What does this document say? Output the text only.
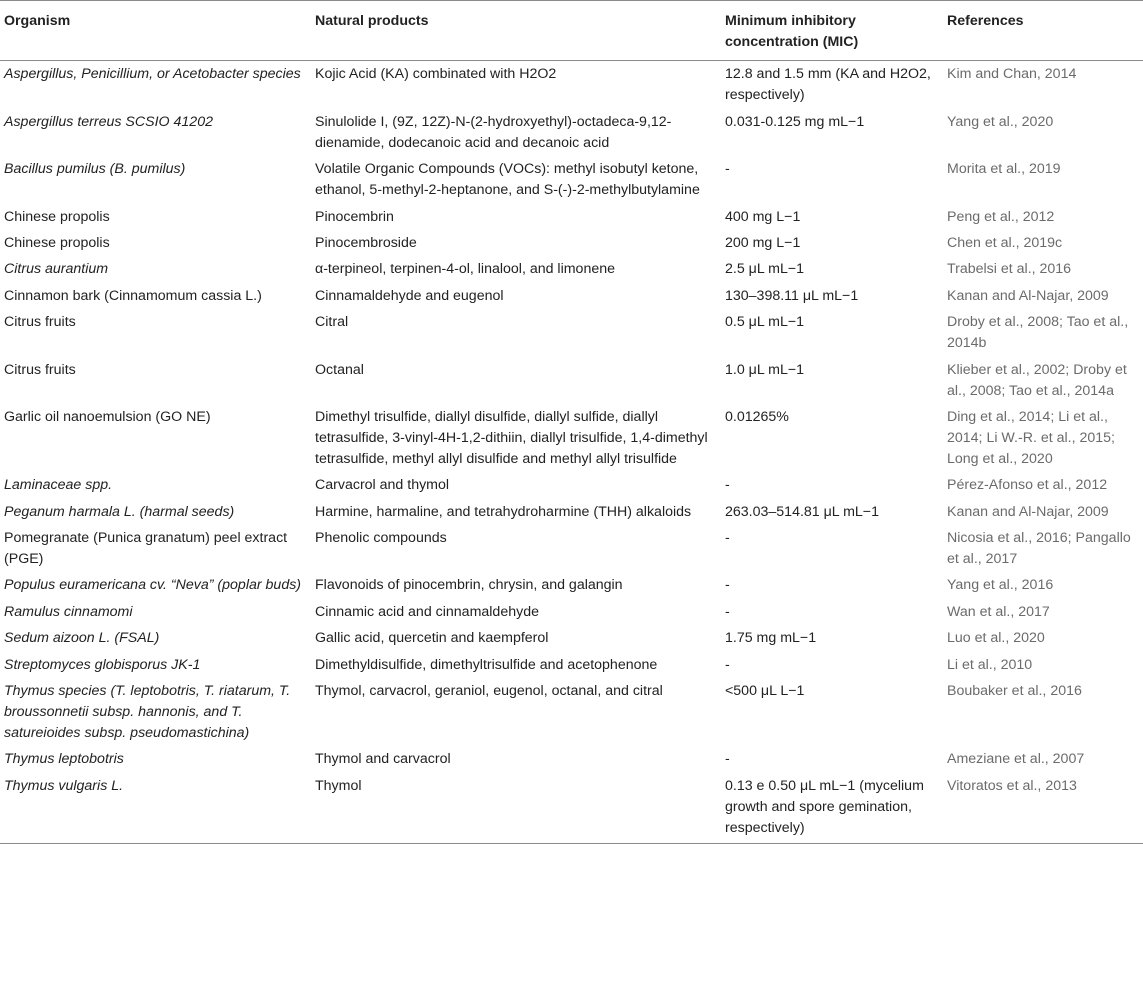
Organism	Natural products	Minimum inhibitory concentration (MIC)	References
Aspergillus, Penicillium, or Acetobacter species	Kojic Acid (KA) combinated with H2O2	12.8 and 1.5 mm (KA and H2O2, respectively)	Kim and Chan, 2014
Aspergillus terreus SCSIO 41202	Sinulolide I, (9Z, 12Z)-N-(2-hydroxyethyl)-octadeca-9,12-dienamide, dodecanoic acid and decanoic acid	0.031-0.125 mg mL−1	Yang et al., 2020
Bacillus pumilus (B. pumilus)	Volatile Organic Compounds (VOCs): methyl isobutyl ketone, ethanol, 5-methyl-2-heptanone, and S-(-)-2-methylbutylamine	-	Morita et al., 2019
Chinese propolis	Pinocembrin	400 mg L−1	Peng et al., 2012
Chinese propolis	Pinocembroside	200 mg L−1	Chen et al., 2019c
Citrus aurantium	α-terpineol, terpinen-4-ol, linalool, and limonene	2.5 μL mL−1	Trabelsi et al., 2016
Cinnamon bark (Cinnamomum cassia L.)	Cinnamaldehyde and eugenol	130–398.11 μL mL−1	Kanan and Al-Najar, 2009
Citrus fruits	Citral	0.5 μL mL−1	Droby et al., 2008; Tao et al., 2014b
Citrus fruits	Octanal	1.0 μL mL−1	Klieber et al., 2002; Droby et al., 2008; Tao et al., 2014a
Garlic oil nanoemulsion (GO NE)	Dimethyl trisulfide, diallyl disulfide, diallyl sulfide, diallyl tetrasulfide, 3-vinyl-4H-1,2-dithiin, diallyl trisulfide, 1,4-dimethyl tetrasulfide, methyl allyl disulfide and methyl allyl trisulfide	0.01265%	Ding et al., 2014; Li et al., 2014; Li W.-R. et al., 2015; Long et al., 2020
Laminaceae spp.	Carvacrol and thymol	-	Pérez-Afonso et al., 2012
Peganum harmala L. (harmal seeds)	Harmine, harmaline, and tetrahydroharmine (THH) alkaloids	263.03–514.81 μL mL−1	Kanan and Al-Najar, 2009
Pomegranate (Punica granatum) peel extract (PGE)	Phenolic compounds	-	Nicosia et al., 2016; Pangallo et al., 2017
Populus euramericana cv. “Neva” (poplar buds)	Flavonoids of pinocembrin, chrysin, and galangin	-	Yang et al., 2016
Ramulus cinnamomi	Cinnamic acid and cinnamaldehyde	-	Wan et al., 2017
Sedum aizoon L. (FSAL)	Gallic acid, quercetin and kaempferol	1.75 mg mL−1	Luo et al., 2020
Streptomyces globisporus JK-1	Dimethyldisulfide, dimethyltrisulfide and acetophenone	-	Li et al., 2010
Thymus species (T. leptobotris, T. riatarum, T. broussonnetii subsp. hannonis, and T. satureioides subsp. pseudomastichina)	Thymol, carvacrol, geraniol, eugenol, octanal, and citral	<500 μL L−1	Boubaker et al., 2016
Thymus leptobotris	Thymol and carvacrol	-	Ameziane et al., 2007
Thymus vulgaris L.	Thymol	0.13 e 0.50 μL mL−1 (mycelium growth and spore gemination, respectively)	Vitoratos et al., 2013
